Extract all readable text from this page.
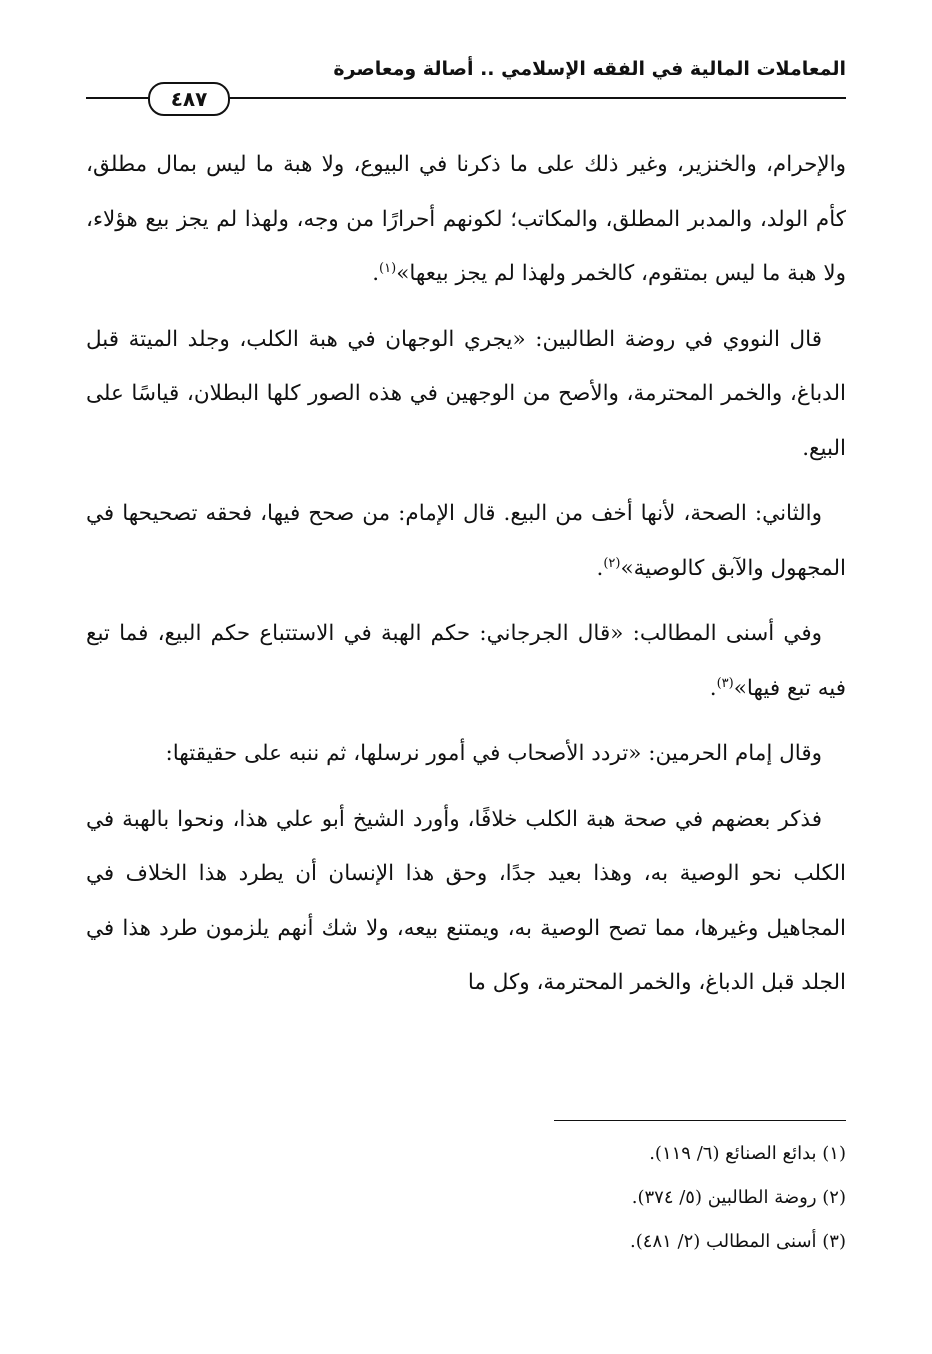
المعاملات المالية في الفقه الإسلامي .. أصالة ومعاصرة
٤٨٧

والإحرام، والخنزير، وغير ذلك على ما ذكرنا في البيوع، ولا هبة ما ليس بمال مطلق، كأم الولد، والمدبر المطلق، والمكاتب؛ لكونهم أحرارًا من وجه، ولهذا لم يجز بيع هؤلاء، ولا هبة ما ليس بمتقوم، كالخمر ولهذا لم يجز بيعها»$^{(١)}$.

قال النووي في روضة الطالبين: «يجري الوجهان في هبة الكلب، وجلد الميتة قبل الدباغ، والخمر المحترمة، والأصح من الوجهين في هذه الصور كلها البطلان، قياسًا على البيع.

والثاني: الصحة، لأنها أخف من البيع. قال الإمام: من صحح فيها، فحقه تصحيحها في المجهول والآبق كالوصية»$^{(٢)}$.

وفي أسنى المطالب: «قال الجرجاني: حكم الهبة في الاستتباع حكم البيع، فما تبع فيه تبع فيها»$^{(٣)}$.

وقال إمام الحرمين: «تردد الأصحاب في أمور نرسلها، ثم ننبه على حقيقتها:

فذكر بعضهم في صحة هبة الكلب خلافًا، وأورد الشيخ أبو علي هذا، ونحوا بالهبة في الكلب نحو الوصية به، وهذا بعيد جدًا، وحق هذا الإنسان أن يطرد هذا الخلاف في المجاهيل وغيرها، مما تصح الوصية به، ويمتنع بيعه، ولا شك أنهم يلزمون طرد هذا في الجلد قبل الدباغ، والخمر المحترمة، وكل ما

(١) بدائع الصنائع (٦/ ١١٩).
(٢) روضة الطالبين (٥/ ٣٧٤).
(٣) أسنى المطالب (٢/ ٤٨١).
